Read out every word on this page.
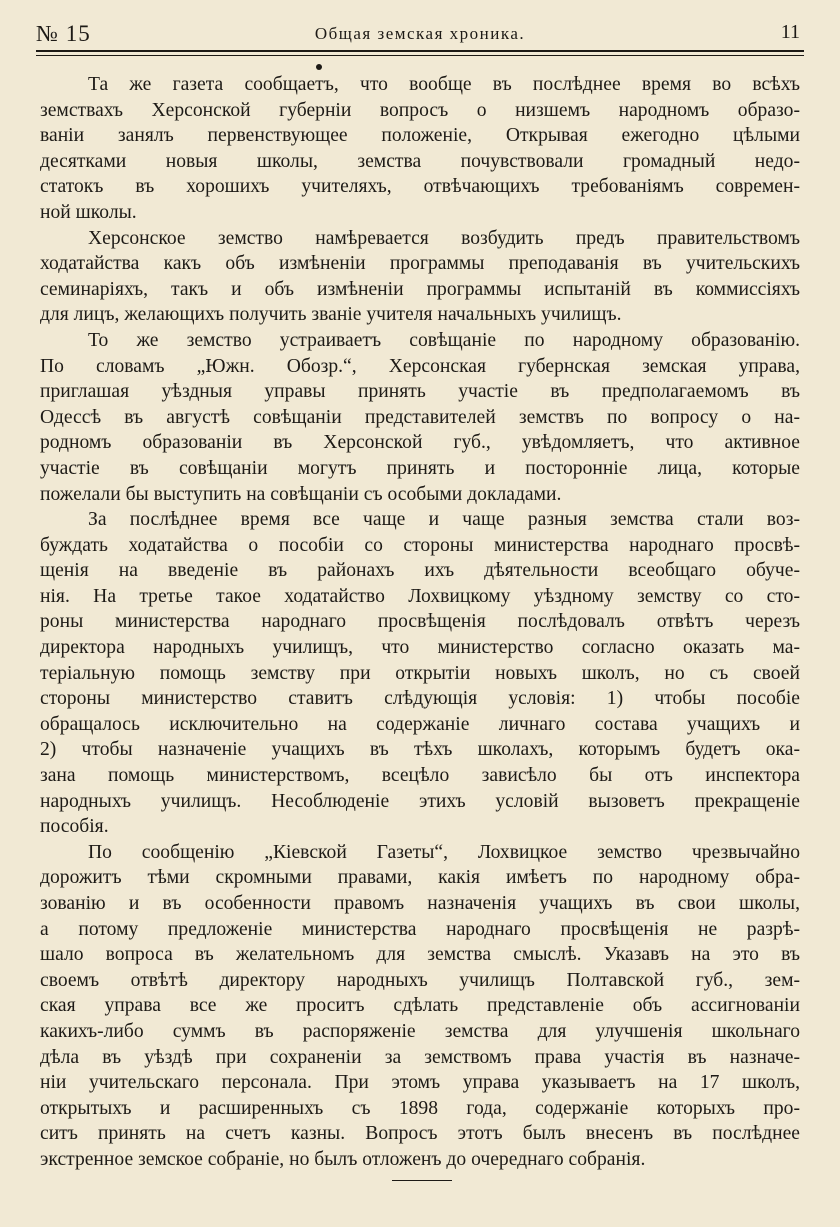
№ 15	Общая земская хроника.	11
Та же газета сообщаетъ, что вообще въ послѣднее время во всѣхъ
земствахъ Херсонской губерніи вопросъ о низшемъ народномъ образо-
ваніи занялъ первенствующее положеніе, Открывая ежегодно цѣлыми
десятками новыя школы, земства почувствовали громадный недо-
статокъ въ хорошихъ учителяхъ, отвѣчающихъ требованіямъ современ-
ной школы.
Херсонское земство намѣревается возбудить предъ правительствомъ
ходатайства какъ объ измѣненіи программы преподаванія въ учительскихъ
семинаріяхъ, такъ и объ измѣненіи программы испытаній въ коммиссіяхъ
для лицъ, желающихъ получить званіе учителя начальныхъ училищъ.
То же земство устраиваетъ совѣщаніе по народному образованію.
По словамъ „Южн. Обозр.“, Херсонская губернская земская управа,
приглашая уѣздныя управы принять участіе въ предполагаемомъ въ
Одессѣ въ августѣ совѣщаніи представителей земствъ по вопросу о на-
родномъ образованіи въ Херсонской губ., увѣдомляетъ, что активное
участіе въ совѣщаніи могутъ принять и посторонніе лица, которые
пожелали бы выступить на совѣщаніи съ особыми докладами.
За послѣднее время все чаще и чаще разныя земства стали воз-
буждать ходатайства о пособіи со стороны министерства народнаго просвѣ-
щенія на введеніе въ районахъ ихъ дѣятельности всеобщаго обуче-
нія. На третье такое ходатайство Лохвицкому уѣздному земству со сто-
роны министерства народнаго просвѣщенія послѣдовалъ отвѣтъ черезъ
директора народныхъ училищъ, что министерство согласно оказать ма-
теріальную помощь земству при открытіи новыхъ школъ, но съ своей
стороны министерство ставитъ слѣдующія условія: 1) чтобы пособіе
обращалось исключительно на содержаніе личнаго состава учащихъ и
2) чтобы назначеніе учащихъ въ тѣхъ школахъ, которымъ будетъ ока-
зана помощь министерствомъ, всецѣло зависѣло бы отъ инспектора
народныхъ училищъ. Несоблюденіе этихъ условій вызоветъ прекращеніе
пособія.
По сообщенію „Кіевской Газеты“, Лохвицкое земство чрезвычайно
дорожитъ тѣми скромными правами, какія имѣетъ по народному обра-
зованію и въ особенности правомъ назначенія учащихъ въ свои школы,
а потому предложеніе министерства народнаго просвѣщенія не разрѣ-
шало вопроса въ желательномъ для земства смыслѣ. Указавъ на это въ
своемъ отвѣтѣ директору народныхъ училищъ Полтавской губ., зем-
ская управа все же проситъ сдѣлать представленіе объ ассигнованіи
какихъ-либо суммъ въ распоряженіе земства для улучшенія школьнаго
дѣла въ уѣздѣ при сохраненіи за земствомъ права участія въ назначе-
ніи учительскаго персонала. При этомъ управа указываетъ на 17 школъ,
открытыхъ и расширенныхъ съ 1898 года, содержаніе которыхъ про-
ситъ принять на счетъ казны. Вопросъ этотъ былъ внесенъ въ послѣднее
экстренное земское собраніе, но былъ отложенъ до очереднаго собранія.
